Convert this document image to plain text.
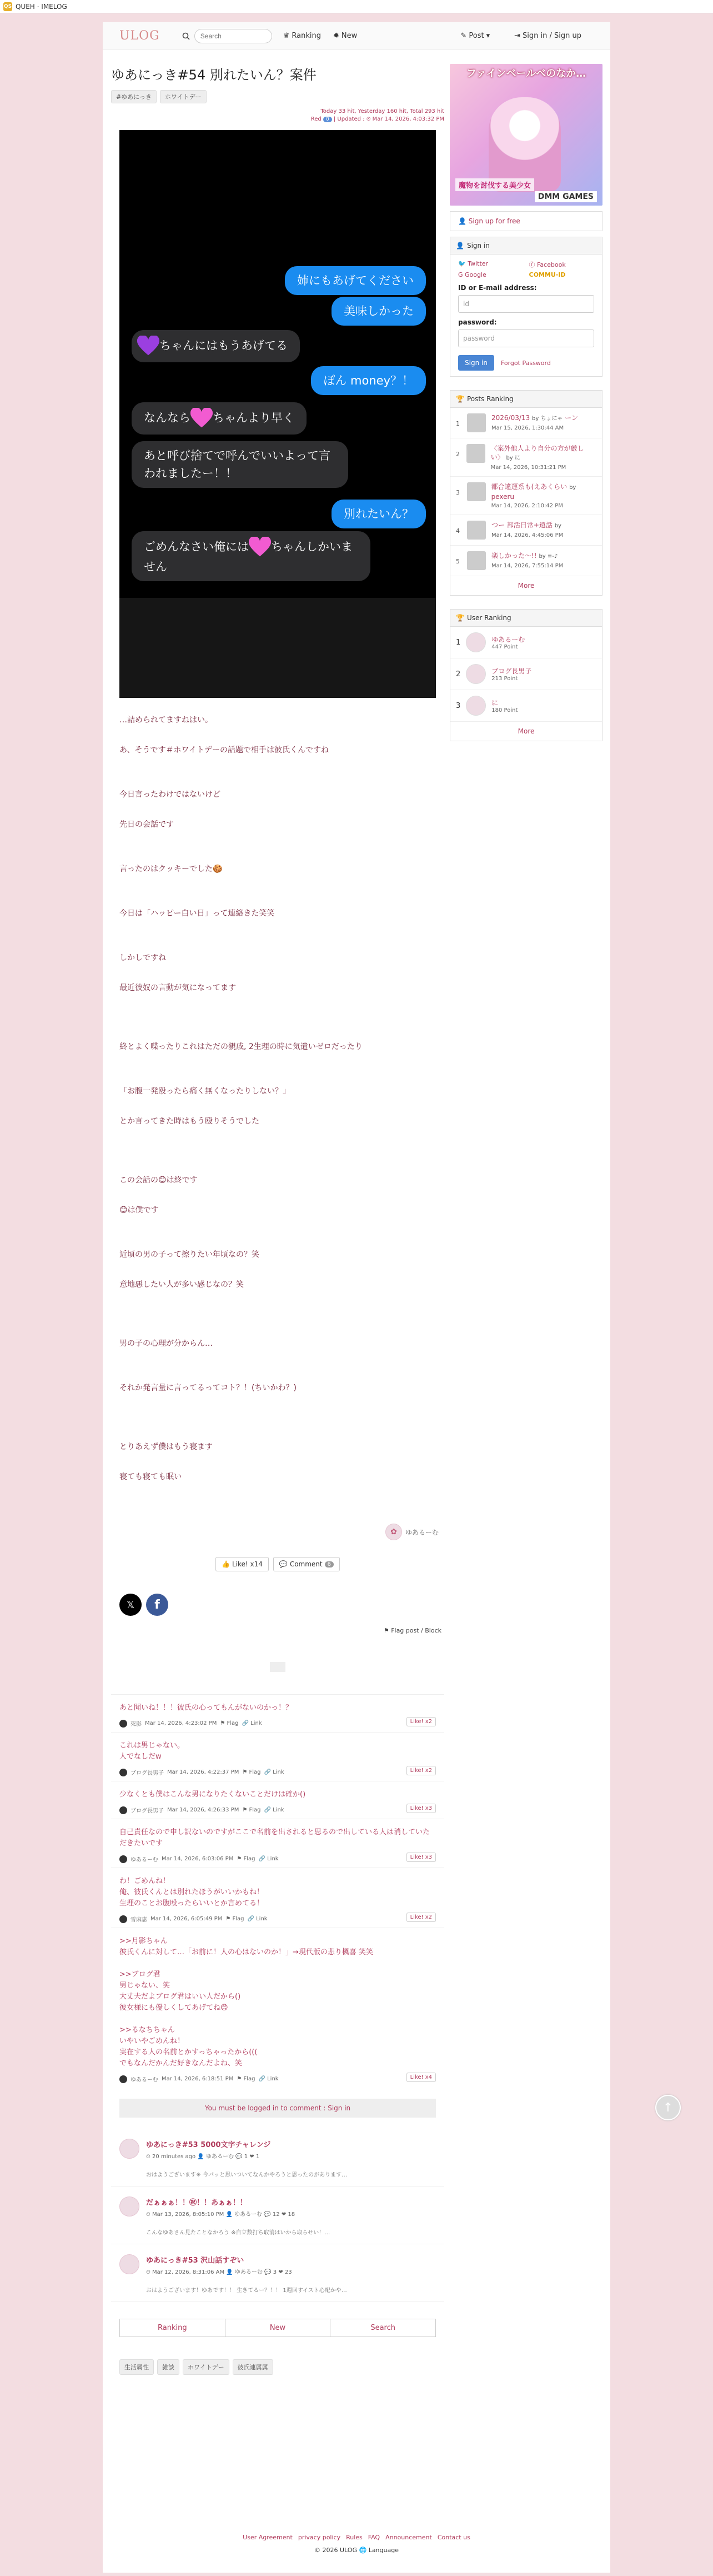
QS QUEH · IMELOG
ULOG
Search	♛ Ranking ✹ New	✎ Post ▾	⇥ Sign in / Sign up
ゆあにっき#54 別れたいん？案件
#ゆあにっき	ホワイトデー
Today 33 hit, Yesterday 160 hit, Total 293 hit
Red 0 | Updated : ⏲ Mar 14, 2026, 4:03:32 PM
姉にもあげてください
美味しかった
ちゃんにはもうあげてる
ぽん money？！
なんなら ちゃんより早く
あと呼び捨てで呼んでいいよって言われましたー！！
別れたいん？
ごめんなさい俺には ちゃんしかいません

…詰められてますねはい。

あ、そうです＃ホワイトデーの話題で相手は彼氏くんですね

今日言ったわけではないけど

先日の会話です

言ったのはクッキーでした🍪

今日は「ハッピー白い日」って連絡きた笑笑

しかしですね

最近彼奴の言動が気になってます

終とよく喋ったりこれはただの親戚, 2生理の時に気遣いゼロだったり

「お腹一発殴ったら痛く無くなったりしない？」

とか言ってきた時はもう殴りそうでした

この会話の😊は終です

😊は僕です

近頃の男の子って擦りたい年頃なの？笑

意地悪したい人が多い感じなの？笑

男の子の心理が分からん…

それか発言量に言ってるってコト？！(ちいかわ？)

とりあえず僕はもう寝ます

寝ても寝ても眠い

✿	ゆあるーむ
👍 Like! x14	💬 Comment 6
𝕏	f
⚑ Flag post / Block
あと聞いね！！！彼氏の心ってもんがないのかっ！？
死影 Mar 14, 2026, 4:23:02 PM ⚑ Flag 🔗 Link	Like! x2
これは男じゃない。
人でなしだw
ブログ長男子 Mar 14, 2026, 4:22:37 PM ⚑ Flag 🔗 Link	Like! x2
少なくとも僕はこんな男になりたくないことだけは確か()
ブログ長男子 Mar 14, 2026, 4:26:33 PM ⚑ Flag 🔗 Link	Like! x3
自己責任なので申し訳ないのですがここで名前を出されると思るので出している人は消していただきたいです
ゆあるーむ Mar 14, 2026, 6:03:06 PM ⚑ Flag 🔗 Link	Like! x3
わ！ごめんね！
俺、彼氏くんとは別れたほうがいいかもね！
生理のことお腹殴ったらいいとか言めてる！
雪麻恵 Mar 14, 2026, 6:05:49 PM ⚑ Flag 🔗 Link	Like! x2
>>月影ちゃん
彼氏くんに対して…「お前に！人の心はないのか！」→現代版の悲り楓喜 笑笑

>>ブログ君
男じゃない、笑
大丈夫だよブログ君はいい人だから()
彼女様にも優しくしてあげてね😊

>>るなちちゃん
いやいやごめんね！
実在する人の名前とかすっちゃったから(((
でもなんだかんだ好きなんだよね、笑
ゆあるーむ Mar 14, 2026, 6:18:51 PM ⚑ Flag 🔗 Link	Like! x4
You must be logged in to comment : Sign in
ゆあにっき#53 5000文字チャレンジ
⏲ 20 minutes ago 👤 ゆあるーむ 💬 1 ❤ 1
おはようございます☀ 今パッと思いついてなんかやろうと思ったのがあります…
だぁぁぁ！！㊗！！あぁぁ！！
⏲ Mar 13, 2026, 8:05:10 PM 👤 ゆあるーむ 💬 12 ❤ 18
こんなゆあさん見たことなかろう ※自立数打ち取消はいから取らせい！…
ゆあにっき#53 沢山話すぞい
⏲ Mar 12, 2026, 8:31:06 AM 👤 ゆあるーむ 💬 3 ❤ 23
おはようございます！ゆあです！！ 生きてるー？！！ 1週回すイスト心配かや…
Ranking	New	Search
生活属性	雑談	ホワイトデー	彼氏連属属
ファインベールべのなか…
魔物を討伐する美少女
DMM GAMES
👤 Sign up for free
👤 Sign in
🐦 Twitter	ⓕ Facebook
G Google	COMMU-ID
ID or E-mail address:
id
password:
password
Sign in	Forgot Password
🏆 Posts Ranking
1
2026/03/13 by ちょにゃ ーン
Mar 15, 2026, 1:30:44 AM
2
〈案外他人より自分の方が厳しい〉 by に
Mar 14, 2026, 10:31:21 PM
3
都合違運系も(えあくらい by pexeru
Mar 14, 2026, 2:10:42 PM
4
つー 部活日常+遠話 by
Mar 14, 2026, 4:45:06 PM
5
楽しかった〜!! by ≡-♪
Mar 14, 2026, 7:55:14 PM
More
🏆 User Ranking
1	ゆあるーむ
447 Point
2	ブログ長男子
213 Point
3	に
180 Point
More
User Agreement privacy policy Rules FAQ Announcement Contact us
© 2026 ULOG 🌐 Language
↑
